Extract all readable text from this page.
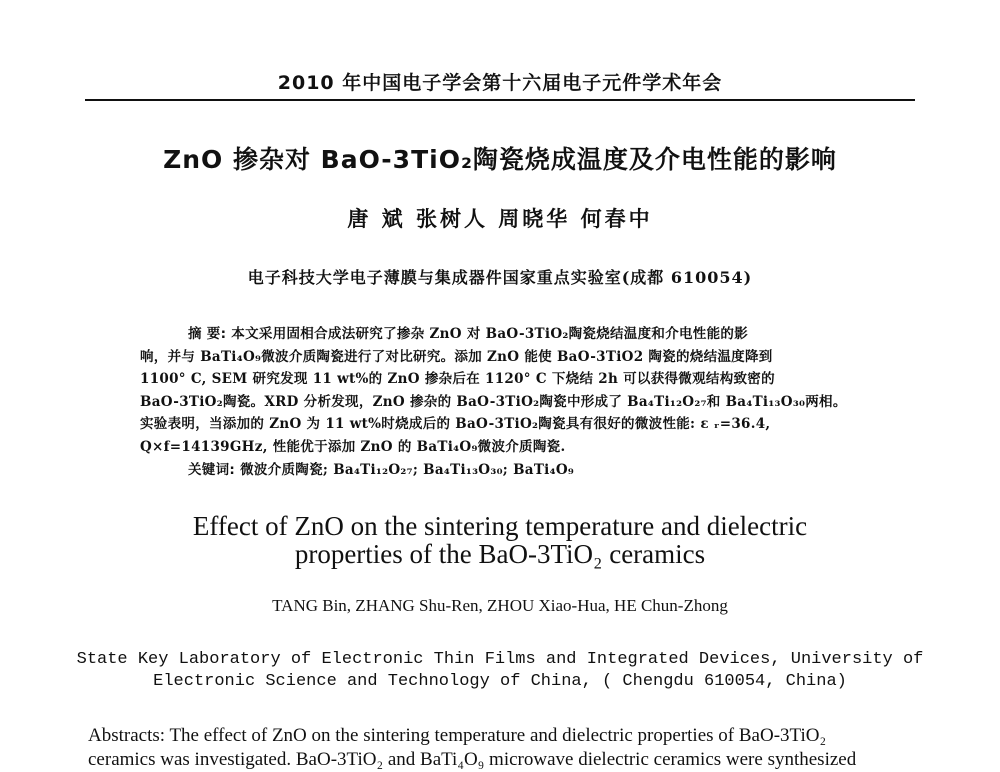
2010 年中国电子学会第十六届电子元件学术年会
ZnO 掺杂对 BaO-3TiO₂陶瓷烧成温度及介电性能的影响
唐 斌 张树人 周晓华 何春中
电子科技大学电子薄膜与集成器件国家重点实验室(成都 610054)
摘 要: 本文采用固相合成法研究了掺杂 ZnO 对 BaO-3TiO₂陶瓷烧结温度和介电性能的影
响，并与 BaTi₄O₉微波介质陶瓷进行了对比研究。添加 ZnO 能使 BaO-3TiO2 陶瓷的烧结温度降到
1100° C, SEM 研究发现 11 wt%的 ZnO 掺杂后在 1120° C 下烧结 2h 可以获得微观结构致密的
BaO-3TiO₂陶瓷。XRD 分析发现，ZnO 掺杂的 BaO-3TiO₂陶瓷中形成了 Ba₄Ti₁₂O₂₇和 Ba₄Ti₁₃O₃₀两相。
实验表明，当添加的 ZnO 为 11 wt%时烧成后的 BaO-3TiO₂陶瓷具有很好的微波性能: ε ᵣ=36.4,
Q×f=14139GHz, 性能优于添加 ZnO 的 BaTi₄O₉微波介质陶瓷.
关键词: 微波介质陶瓷; Ba₄Ti₁₂O₂₇; Ba₄Ti₁₃O₃₀; BaTi₄O₉
Effect of ZnO on the sintering temperature and dielectric
properties of the BaO-3TiO₂ ceramics
TANG Bin, ZHANG Shu-Ren, ZHOU Xiao-Hua, HE Chun-Zhong
State Key Laboratory of Electronic Thin Films and Integrated Devices, University of
Electronic Science and Technology of China, ( Chengdu 610054, China)
Abstracts: The effect of ZnO on the sintering temperature and dielectric properties of BaO-3TiO₂
ceramics was investigated. BaO-3TiO₂ and BaTi₄O₉ microwave dielectric ceramics were synthesized
